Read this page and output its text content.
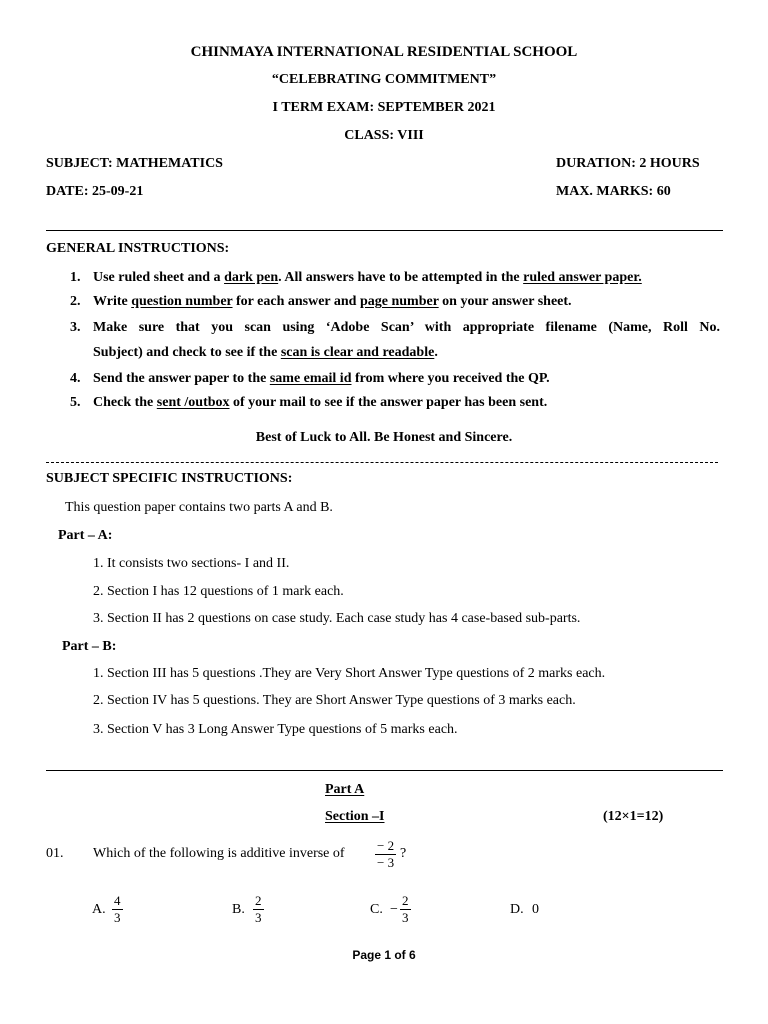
CHINMAYA INTERNATIONAL RESIDENTIAL SCHOOL
“CELEBRATING COMMITMENT”
I TERM EXAM: SEPTEMBER 2021
CLASS: VIII
SUBJECT: MATHEMATICS	DURATION: 2 HOURS
DATE: 25-09-21	MAX. MARKS: 60
GENERAL INSTRUCTIONS:
1. Use ruled sheet and a dark pen. All answers have to be attempted in the ruled answer paper.
2. Write question number for each answer and page number on your answer sheet.
3. Make sure that you scan using ‘Adobe Scan’ with appropriate filename (Name, Roll No.
Subject) and check to see if the scan is clear and readable.
4. Send the answer paper to the same email id from where you received the QP.
5. Check the sent /outbox of your mail to see if the answer paper has been sent.
Best of Luck to All. Be Honest and Sincere.
SUBJECT SPECIFIC INSTRUCTIONS:
This question paper contains two parts A and B.
Part – A:
1. It consists two sections- I and II.
2. Section I has 12 questions of 1 mark each.
3. Section II has 2 questions on case study. Each case study has 4 case-based sub-parts.
Part – B:
1. Section III has 5 questions .They are Very Short Answer Type questions of 2 marks each.
2. Section IV has 5 questions. They are Short Answer Type questions of 3 marks each.
3. Section V has 3 Long Answer Type questions of 5 marks each.
Part A
Section –I	(12×1=12)
01. Which of the following is additive inverse of $\frac{- 2}{- 3}$ ?
A. $\frac{4}{3}$	B. $\frac{2}{3}$	C. − $\frac{2}{3}$	D. 0
Page 1 of 6
